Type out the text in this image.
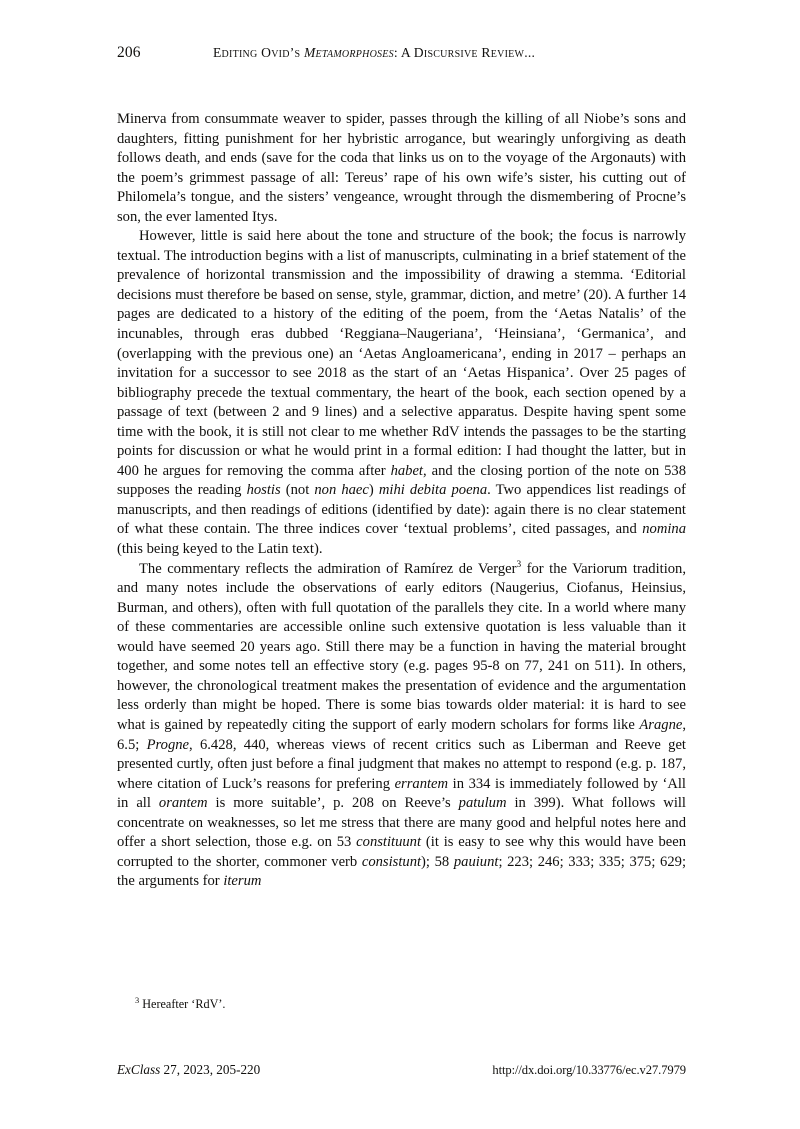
206	Editing Ovid’s Metamorphoses: A Discursive Review...

Minerva from consummate weaver to spider, passes through the killing of all Niobe’s sons and daughters, fitting punishment for her hybristic arrogance, but wearingly unforgiving as death follows death, and ends (save for the coda that links us on to the voyage of the Argonauts) with the poem’s grimmest passage of all: Tereus’ rape of his own wife’s sister, his cutting out of Philomela’s tongue, and the sisters’ vengeance, wrought through the dismembering of Procne’s son, the ever lamented Itys.

However, little is said here about the tone and structure of the book; the focus is narrowly textual. The introduction begins with a list of manuscripts, culminating in a brief statement of the prevalence of horizontal transmission and the impossibility of drawing a stemma. ‘Editorial decisions must therefore be based on sense, style, grammar, diction, and metre’ (20). A further 14 pages are dedicated to a history of the editing of the poem, from the ‘Aetas Natalis’ of the incunables, through eras dubbed ‘Reggiana–Naugeriana’, ‘Heinsiana’, ‘Germanica’, and (overlapping with the previous one) an ‘Aetas Angloamericana’, ending in 2017 – perhaps an invitation for a successor to see 2018 as the start of an ‘Aetas Hispanica’. Over 25 pages of bibliography precede the textual commentary, the heart of the book, each section opened by a passage of text (between 2 and 9 lines) and a selective apparatus. Despite having spent some time with the book, it is still not clear to me whether RdV intends the passages to be the starting points for discussion or what he would print in a formal edition: I had thought the latter, but in 400 he argues for removing the comma after habet, and the closing portion of the note on 538 supposes the reading hostis (not non haec) mihi debita poena. Two appendices list readings of manuscripts, and then readings of editions (identified by date): again there is no clear statement of what these contain. The three indices cover ‘textual problems’, cited passages, and nomina (this being keyed to the Latin text).

The commentary reflects the admiration of Ramírez de Verger$^3$ for the Variorum tradition, and many notes include the observations of early editors (Naugerius, Ciofanus, Heinsius, Burman, and others), often with full quotation of the parallels they cite. In a world where many of these commentaries are accessible online such extensive quotation is less valuable than it would have seemed 20 years ago. Still there may be a function in having the material brought together, and some notes tell an effective story (e.g. pages 95-8 on 77, 241 on 511). In others, however, the chronological treatment makes the presentation of evidence and the argumentation less orderly than might be hoped. There is some bias towards older material: it is hard to see what is gained by repeatedly citing the support of early modern scholars for forms like Aragne, 6.5; Progne, 6.428, 440, whereas views of recent critics such as Liberman and Reeve get presented curtly, often just before a final judgment that makes no attempt to respond (e.g. p. 187, where citation of Luck’s reasons for prefering errantem in 334 is immediately followed by ‘All in all orantem is more suitable’, p. 208 on Reeve’s patulum in 399). What follows will concentrate on weaknesses, so let me stress that there are many good and helpful notes here and offer a short selection, those e.g. on 53 constituunt (it is easy to see why this would have been corrupted to the shorter, commoner verb consistunt); 58 pauiunt; 223; 246; 333; 335; 375; 629; the arguments for iterum

$^3$ Hereafter ‘RdV’.

ExClass 27, 2023, 205-220	http://dx.doi.org/10.33776/ec.v27.7979
